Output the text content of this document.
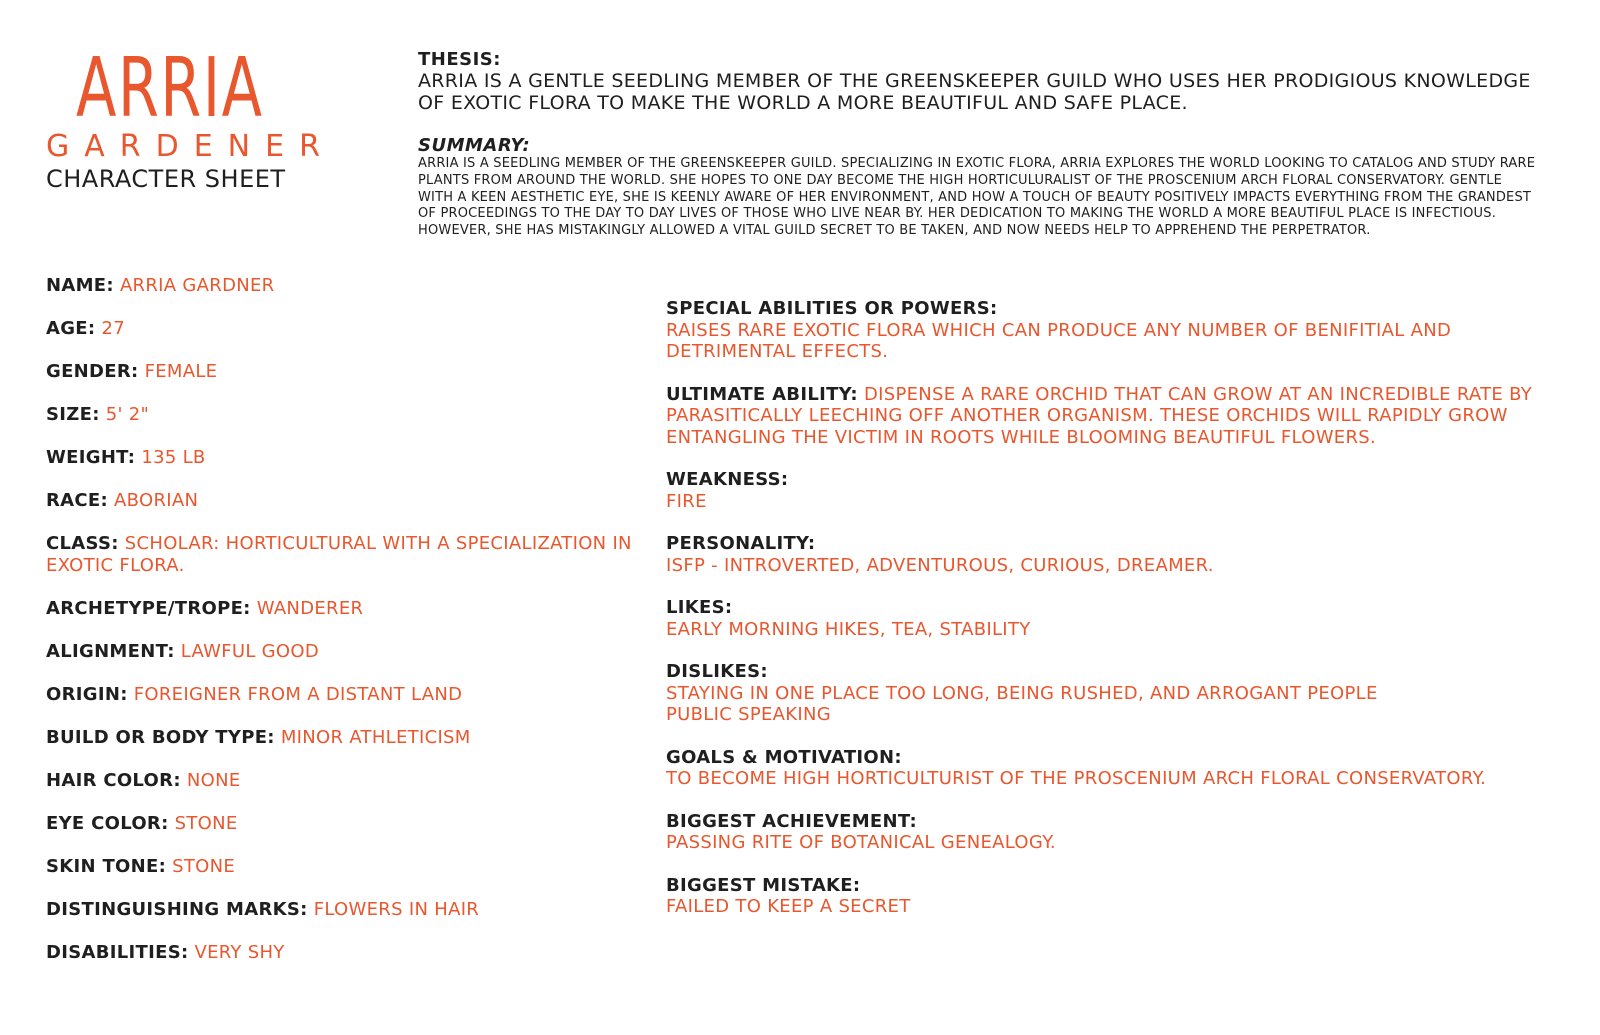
ARRIA
GARDENER
CHARACTER SHEET
THESIS:
ARRIA IS A GENTLE SEEDLING MEMBER OF THE GREENSKEEPER GUILD WHO USES HER PRODIGIOUS KNOWLEDGE OF EXOTIC FLORA TO MAKE THE WORLD A MORE BEAUTIFUL AND SAFE PLACE.
SUMMARY:
ARRIA IS A SEEDLING MEMBER OF THE GREENSKEEPER GUILD. SPECIALIZING IN EXOTIC FLORA, ARRIA EXPLORES THE WORLD LOOKING TO CATALOG AND STUDY RARE PLANTS FROM AROUND THE WORLD. SHE HOPES TO ONE DAY BECOME THE HIGH HORTICULURALIST OF THE PROSCENIUM ARCH FLORAL CONSERVATORY. GENTLE WITH A KEEN AESTHETIC EYE, SHE IS KEENLY AWARE OF HER ENVIRONMENT, AND HOW A TOUCH OF BEAUTY POSITIVELY IMPACTS EVERYTHING FROM THE GRANDEST OF PROCEEDINGS TO THE DAY TO DAY LIVES OF THOSE WHO LIVE NEAR BY. HER DEDICATION TO MAKING THE WORLD A MORE BEAUTIFUL PLACE IS INFECTIOUS. HOWEVER, SHE HAS MISTAKINGLY ALLOWED A VITAL GUILD SECRET TO BE TAKEN, AND NOW NEEDS HELP TO APPREHEND THE PERPETRATOR.
NAME: ARRIA GARDNER
AGE: 27
GENDER: FEMALE
SIZE: 5' 2"
WEIGHT: 135 LB
RACE: ABORIAN
CLASS: SCHOLAR: HORTICULTURAL WITH A SPECIALIZATION IN EXOTIC FLORA.
ARCHETYPE/TROPE: WANDERER
ALIGNMENT: LAWFUL GOOD
ORIGIN: FOREIGNER FROM A DISTANT LAND
BUILD OR BODY TYPE: MINOR ATHLETICISM
HAIR COLOR: NONE
EYE COLOR: STONE
SKIN TONE: STONE
DISTINGUISHING MARKS: FLOWERS IN HAIR
DISABILITIES: VERY SHY
SPECIAL ABILITIES OR POWERS:
RAISES RARE EXOTIC FLORA WHICH CAN PRODUCE ANY NUMBER OF BENIFITIAL AND DETRIMENTAL EFFECTS.
ULTIMATE ABILITY: DISPENSE A RARE ORCHID THAT CAN GROW AT AN INCREDIBLE RATE BY PARASITICALLY LEECHING OFF ANOTHER ORGANISM. THESE ORCHIDS WILL RAPIDLY GROW ENTANGLING THE VICTIM IN ROOTS WHILE BLOOMING BEAUTIFUL FLOWERS.
WEAKNESS:
FIRE
PERSONALITY:
ISFP - INTROVERTED, ADVENTUROUS, CURIOUS, DREAMER.
LIKES:
EARLY MORNING HIKES, TEA, STABILITY
DISLIKES:
STAYING IN ONE PLACE TOO LONG, BEING RUSHED, AND ARROGANT PEOPLE
PUBLIC SPEAKING
GOALS & MOTIVATION:
TO BECOME HIGH HORTICULTURIST OF THE PROSCENIUM ARCH FLORAL CONSERVATORY.
BIGGEST ACHIEVEMENT:
PASSING RITE OF BOTANICAL GENEALOGY.
BIGGEST MISTAKE:
FAILED TO KEEP A SECRET
